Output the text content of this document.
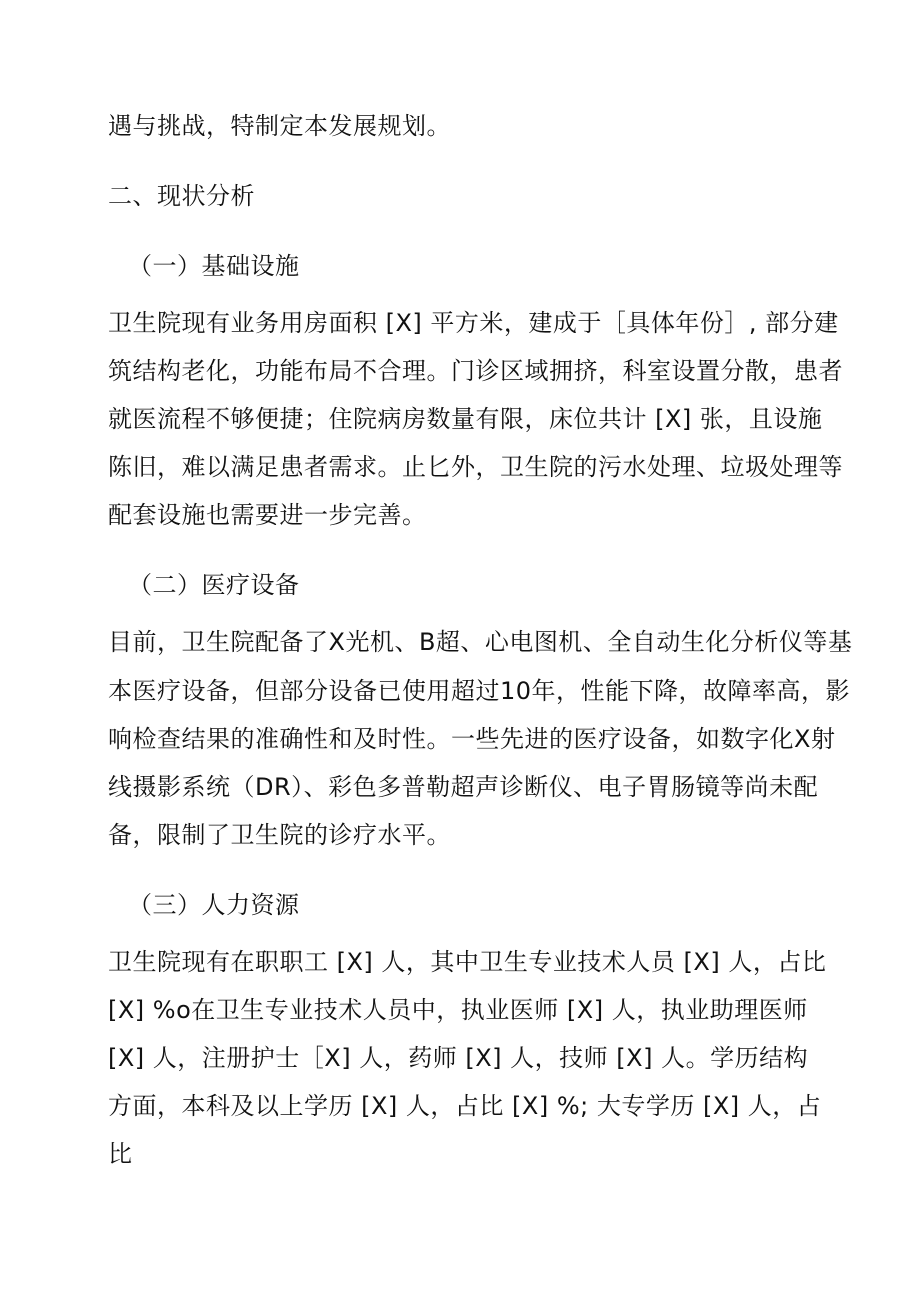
遇与挑战，特制定本发展规划。
二、现状分析
（一）基础设施
卫生院现有业务用房面积 [X] 平方米，建成于［具体年份］, 部分建
筑结构老化，功能布局不合理。门诊区域拥挤，科室设置分散，患者
就医流程不够便捷；住院病房数量有限，床位共计 [X] 张，且设施
陈旧，难以满足患者需求。止匕外，卫生院的污水处理、垃圾处理等
配套设施也需要进一步完善。
（二）医疗设备
目前，卫生院配备了X光机、B超、心电图机、全自动生化分析仪等基
本医疗设备，但部分设备已使用超过10年，性能下降，故障率高，影
响检查结果的准确性和及时性。一些先进的医疗设备，如数字化X射
线摄影系统（DR）、彩色多普勒超声诊断仪、电子胃肠镜等尚未配
备，限制了卫生院的诊疗水平。
（三）人力资源
卫生院现有在职职工 [X] 人，其中卫生专业技术人员 [X] 人，占比
[X] %o在卫生专业技术人员中，执业医师 [X] 人，执业助理医师
[X] 人，注册护士［X] 人，药师 [X] 人，技师 [X] 人。学历结构
方面，本科及以上学历 [X] 人，占比 [X] %; 大专学历 [X] 人，占
比
